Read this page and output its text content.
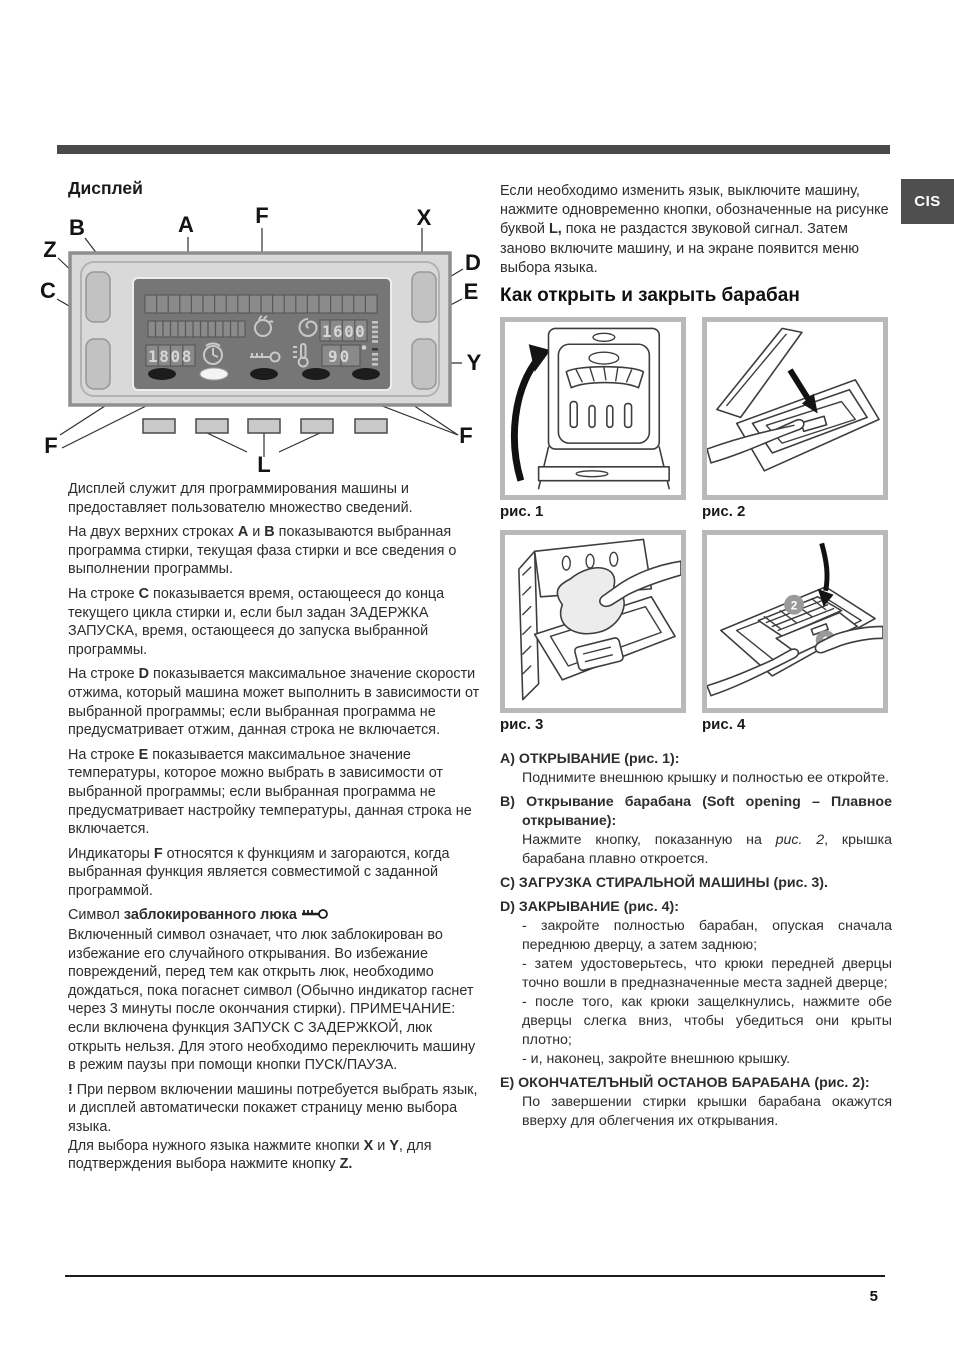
CIS
Дисплей
1808
1600
90
B
Z
C
A	F	X
D
E
Y
F
F
L

Дисплей служит для программирования машины и предоставляет пользователю множество сведений.

На двух верхних строках A и B показываются выбранная программа стирки, текущая фаза стирки и все сведения о выполнении программы.

На строке C показывается время, остающееся до конца текущего цикла стирки и, если был задан ЗАДЕРЖКА ЗАПУСКА, время, остающееся до запуска выбранной программы.

На строке D показывается максимальное значение скорости отжима, который машина может выполнить в зависимости от выбранной программы; если выбранная программа не предусматривает отжим, данная строка не включается.

На строке E показывается максимальное значение температуры, которое можно выбрать в зависимости от выбранной программы; если выбранная программа не предусматривает настройку температуры, данная строка не включается.

Индикаторы F относятся к функциям и загораются, когда выбранная функция является совместимой с заданной программой.

Символ заблокированного люка
Включенный символ означает, что люк заблокирован во избежание его случайного открывания. Во избежание повреждений, перед тем как открыть люк, необходимо дождаться, пока погаснет символ (Обычно индикатор гаснет через 3 минуты после окончания стирки). ПРИМЕЧАНИЕ: если включена функция ЗАПУСК С ЗАДЕРЖКОЙ, люк открыть нельзя. Для этого необходимо переключить машину в режим паузы при помощи кнопки ПУСК/ПАУЗА.

! При первом включении машины потребуется выбрать язык, и дисплей автоматически покажет страницу меню выбора языка.
Для выбора нужного языка нажмите кнопки X и Y, для подтверждения выбора нажмите кнопку Z.

Если необходимо изменить язык, выключите машину, нажмите одновременно кнопки, обозначенные на рисунке буквой L, пока не раздастся звуковой сигнал. Затем заново включите машину, и на экране появится меню выбора языка.

Как открыть и закрыть барабан
рис. 1	рис. 2
2
рис. 3	рис. 4
A) ОТКРЫВАНИЕ (рис. 1):
Поднимите внешнюю крышку и полностью ее откройте.
B) Открывание барабана (Soft opening – Плавное открывание):
Нажмите кнопку, показанную на рис. 2, крышка барабана плавно откроется.
C) ЗАГРУЗКА СТИРАЛЬНОЙ МАШИНЫ (рис. 3).
D) ЗАКРЫВАНИЕ (рис. 4):
- закройте полностью барабан, опуская сначала переднюю дверцу, а затем заднюю;
- затем удостоверьтесь, что крюки передней дверцы точно вошли в предназначенные места задней дверце;
- после того, как крюки защелкнулись, нажмите обе дверцы слегка вниз, чтобы убедиться они крыты плотно;
- и, наконец, закройте внешнюю крышку.
E) ОКОНЧАТЕЛЪНЫЙ ОСТАНОВ БАРАБАНА (рис. 2):
По завершении стирки крышки барабана окажутся вверху для облегчения их открывания.
5
